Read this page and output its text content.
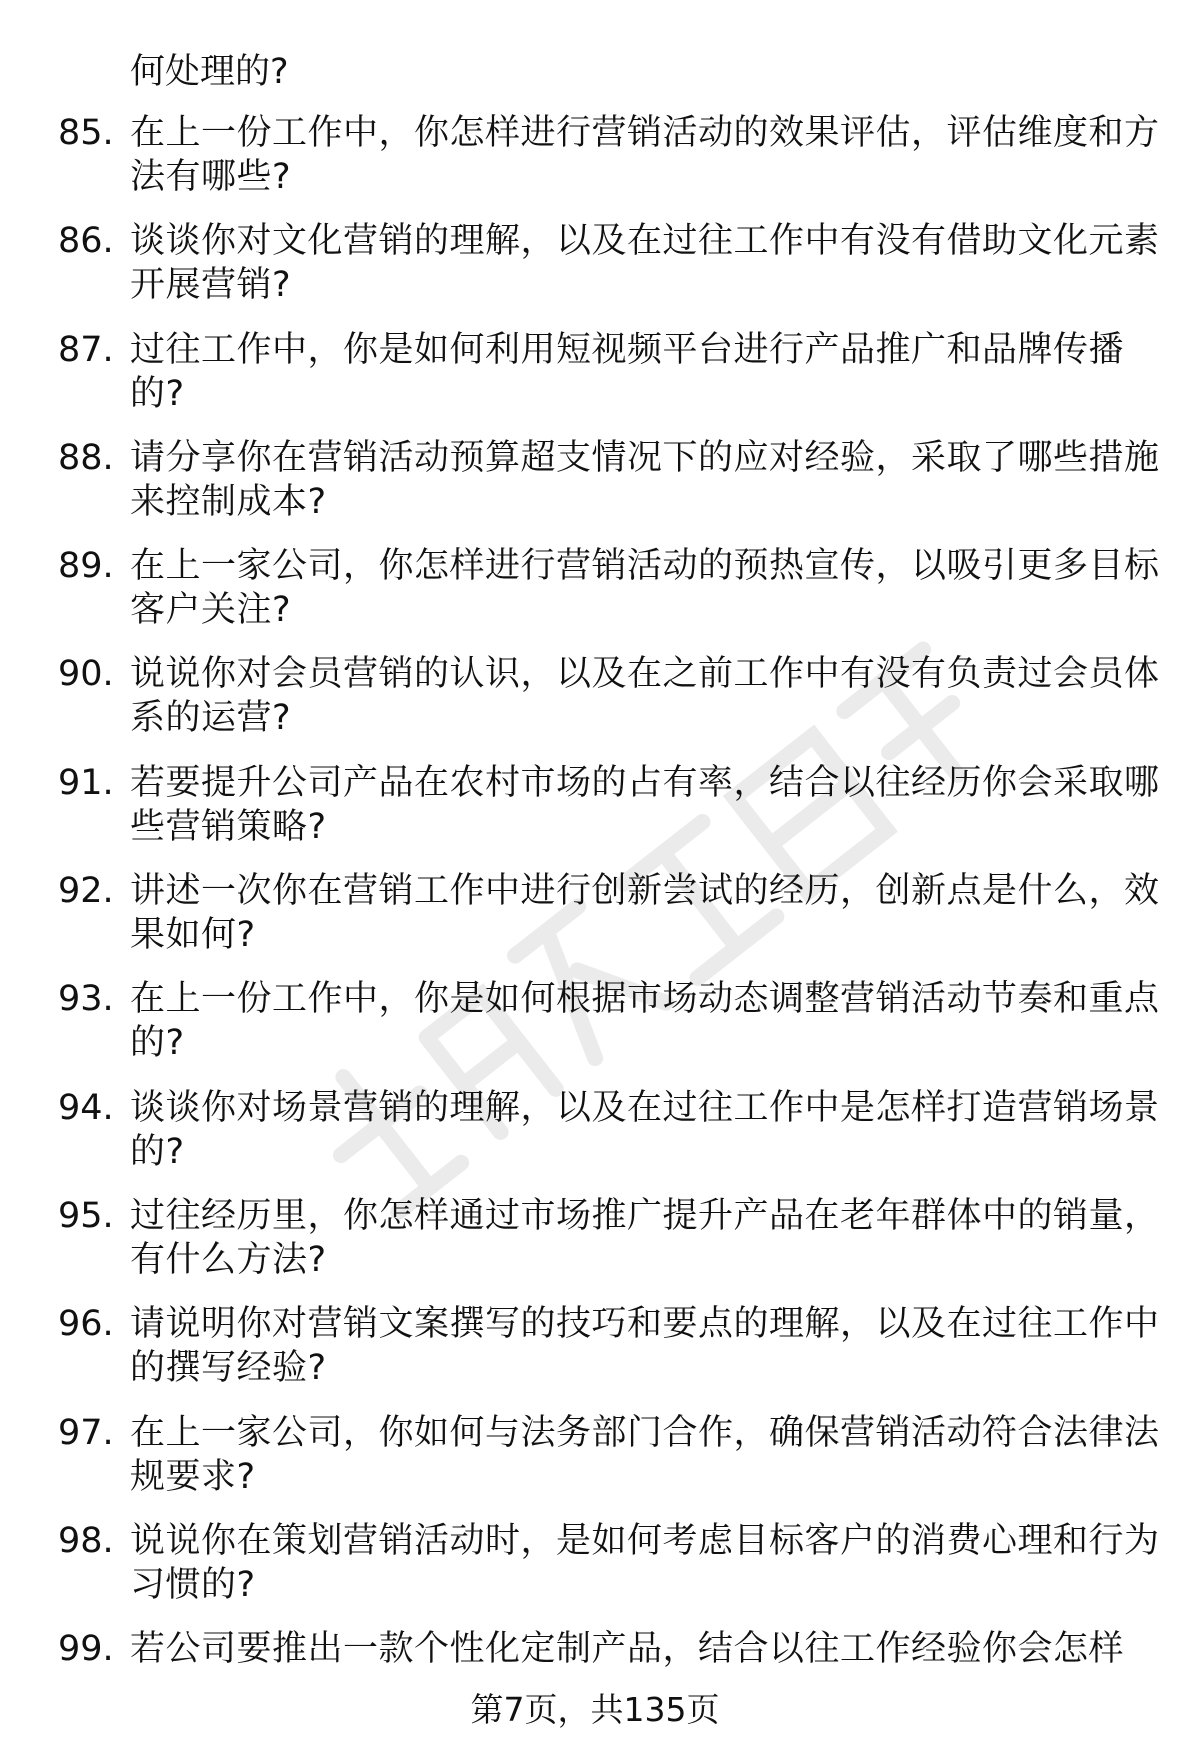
何处理的?
85. 在上一份工作中，你怎样进行营销活动的效果评估，评估维度和方法有哪些?
86. 谈谈你对文化营销的理解，以及在过往工作中有没有借助文化元素开展营销?
87. 过往工作中，你是如何利用短视频平台进行产品推广和品牌传播的?
88. 请分享你在营销活动预算超支情况下的应对经验，采取了哪些措施来控制成本?
89. 在上一家公司，你怎样进行营销活动的预热宣传，以吸引更多目标客户关注?
90. 说说你对会员营销的认识，以及在之前工作中有没有负责过会员体系的运营?
91. 若要提升公司产品在农村市场的占有率，结合以往经历你会采取哪些营销策略?
92. 讲述一次你在营销工作中进行创新尝试的经历，创新点是什么，效果如何?
93. 在上一份工作中，你是如何根据市场动态调整营销活动节奏和重点的?
94. 谈谈你对场景营销的理解，以及在过往工作中是怎样打造营销场景的?
95. 过往经历里，你怎样通过市场推广提升产品在老年群体中的销量，有什么方法?
96. 请说明你对营销文案撰写的技巧和要点的理解，以及在过往工作中的撰写经验?
97. 在上一家公司，你如何与法务部门合作，确保营销活动符合法律法规要求?
98. 说说你在策划营销活动时，是如何考虑目标客户的消费心理和行为习惯的?
99. 若公司要推出一款个性化定制产品，结合以往工作经验你会怎样
第7页，共135页
